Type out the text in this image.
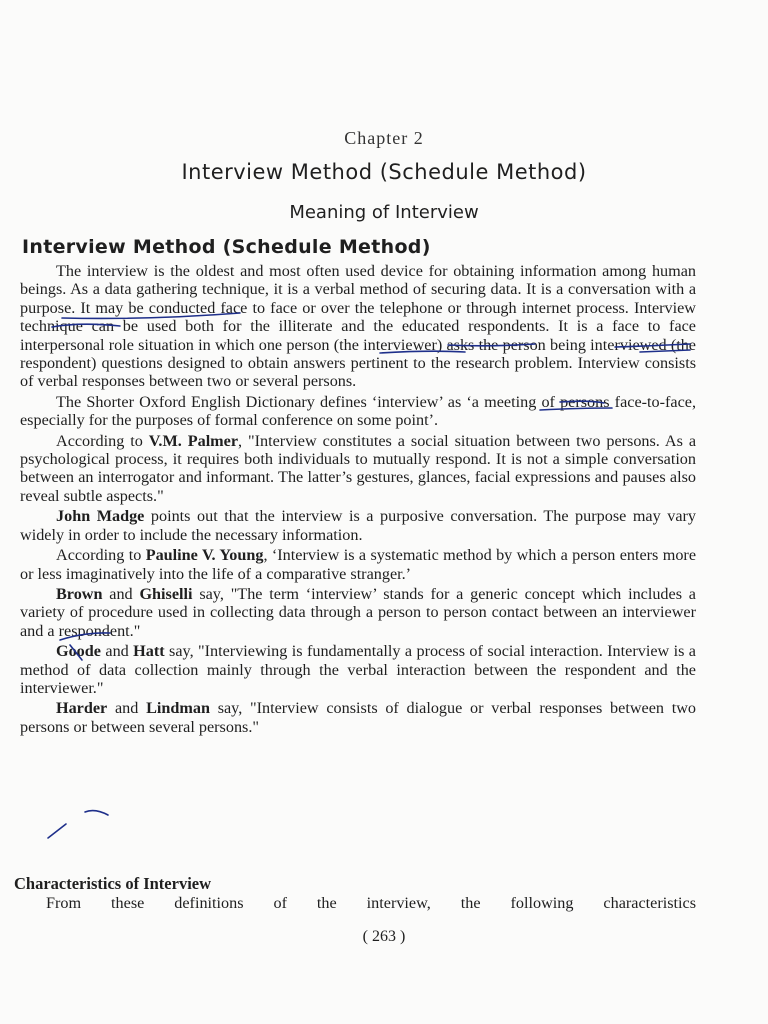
Chapter 2
Interview Method (Schedule Method)
Meaning of Interview
Interview Method (Schedule Method)

The interview is the oldest and most often used device for obtaining information among human beings. As a data gathering technique, it is a verbal method of securing data. It is a conversation with a purpose. It may be conducted face to face or over the telephone or through internet process. Interview technique can be used both for the illiterate and the educated respondents. It is a face to face interpersonal role situation in which one person (the interviewer) asks the person being interviewed (the respondent) questions designed to obtain answers pertinent to the research problem. Interview consists of verbal responses between two or several persons.

The Shorter Oxford English Dictionary defines ‘interview’ as ‘a meeting of persons face-to-face, especially for the purposes of formal conference on some point’.

According to V.M. Palmer, "Interview constitutes a social situation between two persons. As a psychological process, it requires both individuals to mutually respond. It is not a simple conversation between an interrogator and informant. The latter’s gestures, glances, facial expressions and pauses also reveal subtle aspects."

John Madge points out that the interview is a purposive conversation. The purpose may vary widely in order to include the necessary information.

According to Pauline V. Young, ‘Interview is a systematic method by which a person enters more or less imaginatively into the life of a comparative stranger.’

Brown and Ghiselli say, "The term ‘interview’ stands for a generic concept which includes a variety of procedure used in collecting data through a person to person contact between an interviewer and a respondent."

Goode and Hatt say, "Interviewing is fundamentally a process of social interaction. Interview is a method of data collection mainly through the verbal interaction between the respondent and the interviewer."

Harder and Lindman say, "Interview consists of dialogue or verbal responses between two persons or between several persons."

Characteristics of Interview
From these definitions of the interview, the following characteristics
( 263 )
